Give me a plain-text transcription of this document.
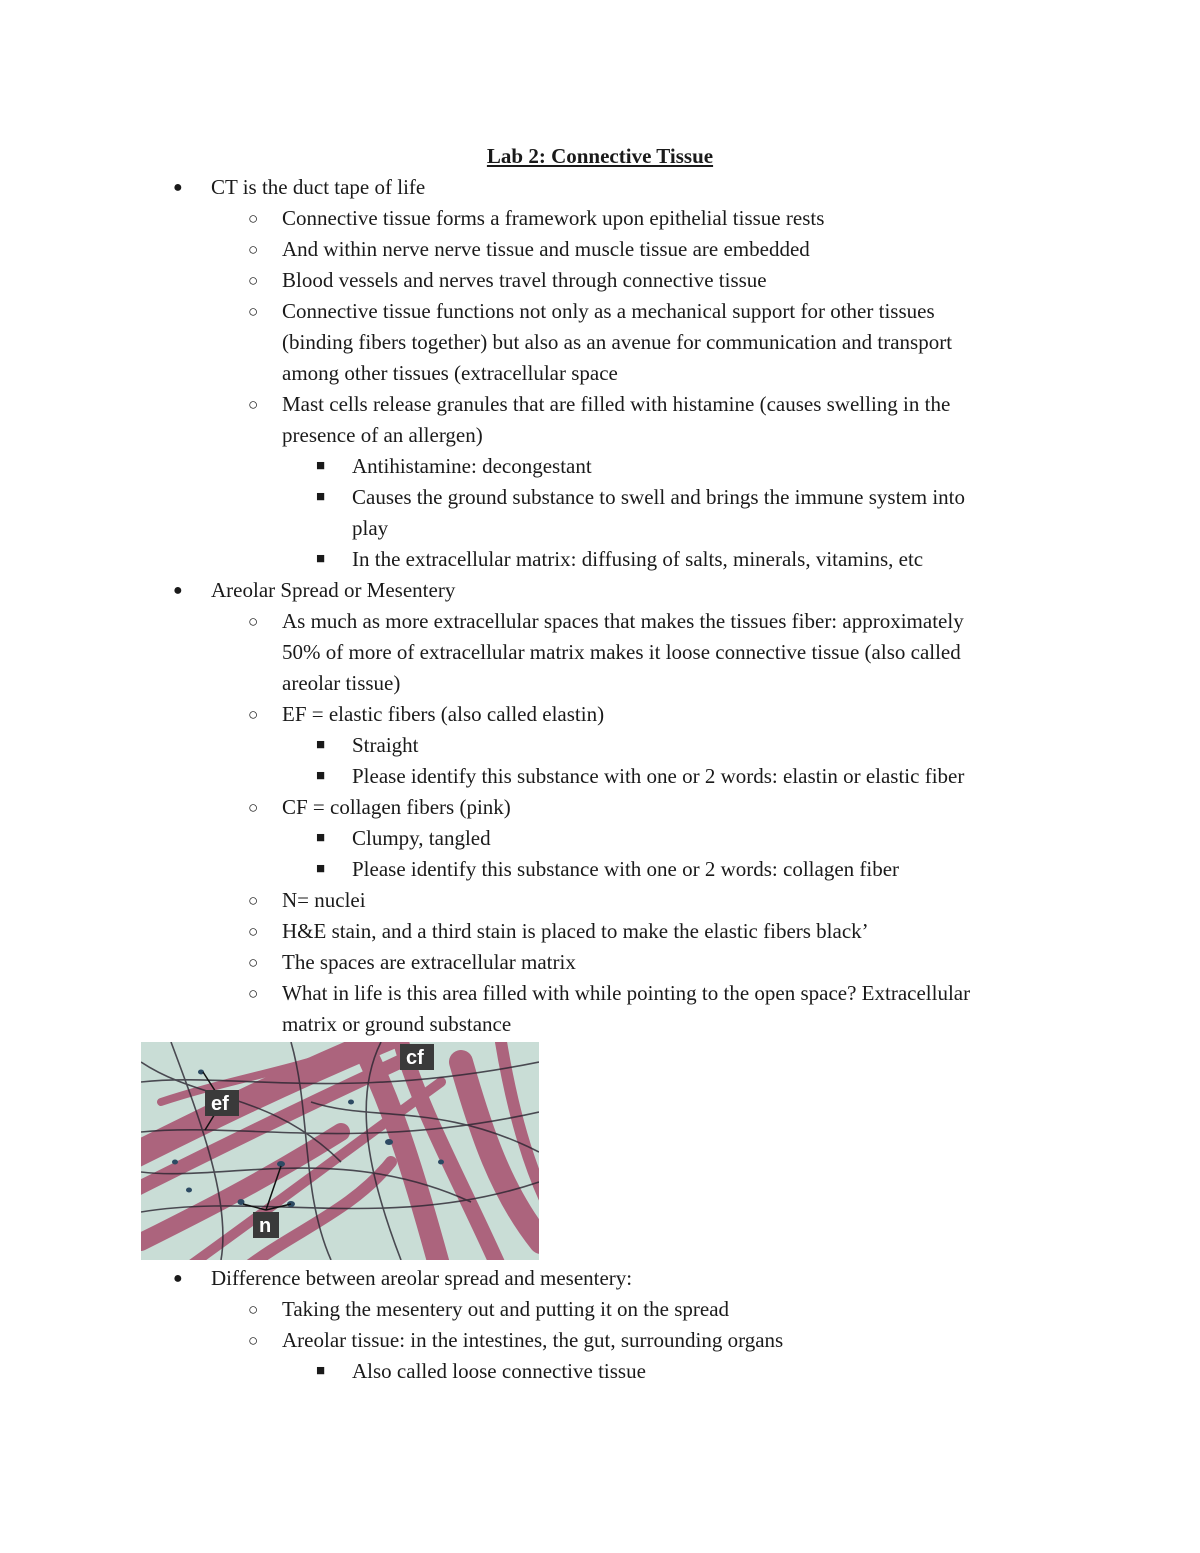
Lab 2: Connective Tissue
● CT is the duct tape of life
○ Connective tissue forms a framework upon epithelial tissue rests
○ And within nerve nerve tissue and muscle tissue are embedded
○ Blood vessels and nerves travel through connective tissue
○ Connective tissue functions not only as a mechanical support for other tissues
(binding fibers together) but also as an avenue for communication and transport
among other tissues (extracellular space
○ Mast cells release granules that are filled with histamine (causes swelling in the
presence of an allergen)
■ Antihistamine: decongestant
■ Causes the ground substance to swell and brings the immune system into
play
■ In the extracellular matrix: diffusing of salts, minerals, vitamins, etc
● Areolar Spread or Mesentery
○ As much as more extracellular spaces that makes the tissues fiber: approximately
50% of more of extracellular matrix makes it loose connective tissue (also called
areolar tissue)
○ EF = elastic fibers (also called elastin)
■ Straight
■ Please identify this substance with one or 2 words: elastin or elastic fiber
○ CF = collagen fibers (pink)
■ Clumpy, tangled
■ Please identify this substance with one or 2 words: collagen fiber
○ N= nuclei
○ H&E stain, and a third stain is placed to make the elastic fibers black’
○ The spaces are extracellular matrix
○ What in life is this area filled with while pointing to the open space? Extracellular
matrix or ground substance
ef
cf
n
● Difference between areolar spread and mesentery:
○ Taking the mesentery out and putting it on the spread
○ Areolar tissue: in the intestines, the gut, surrounding organs
■ Also called loose connective tissue
